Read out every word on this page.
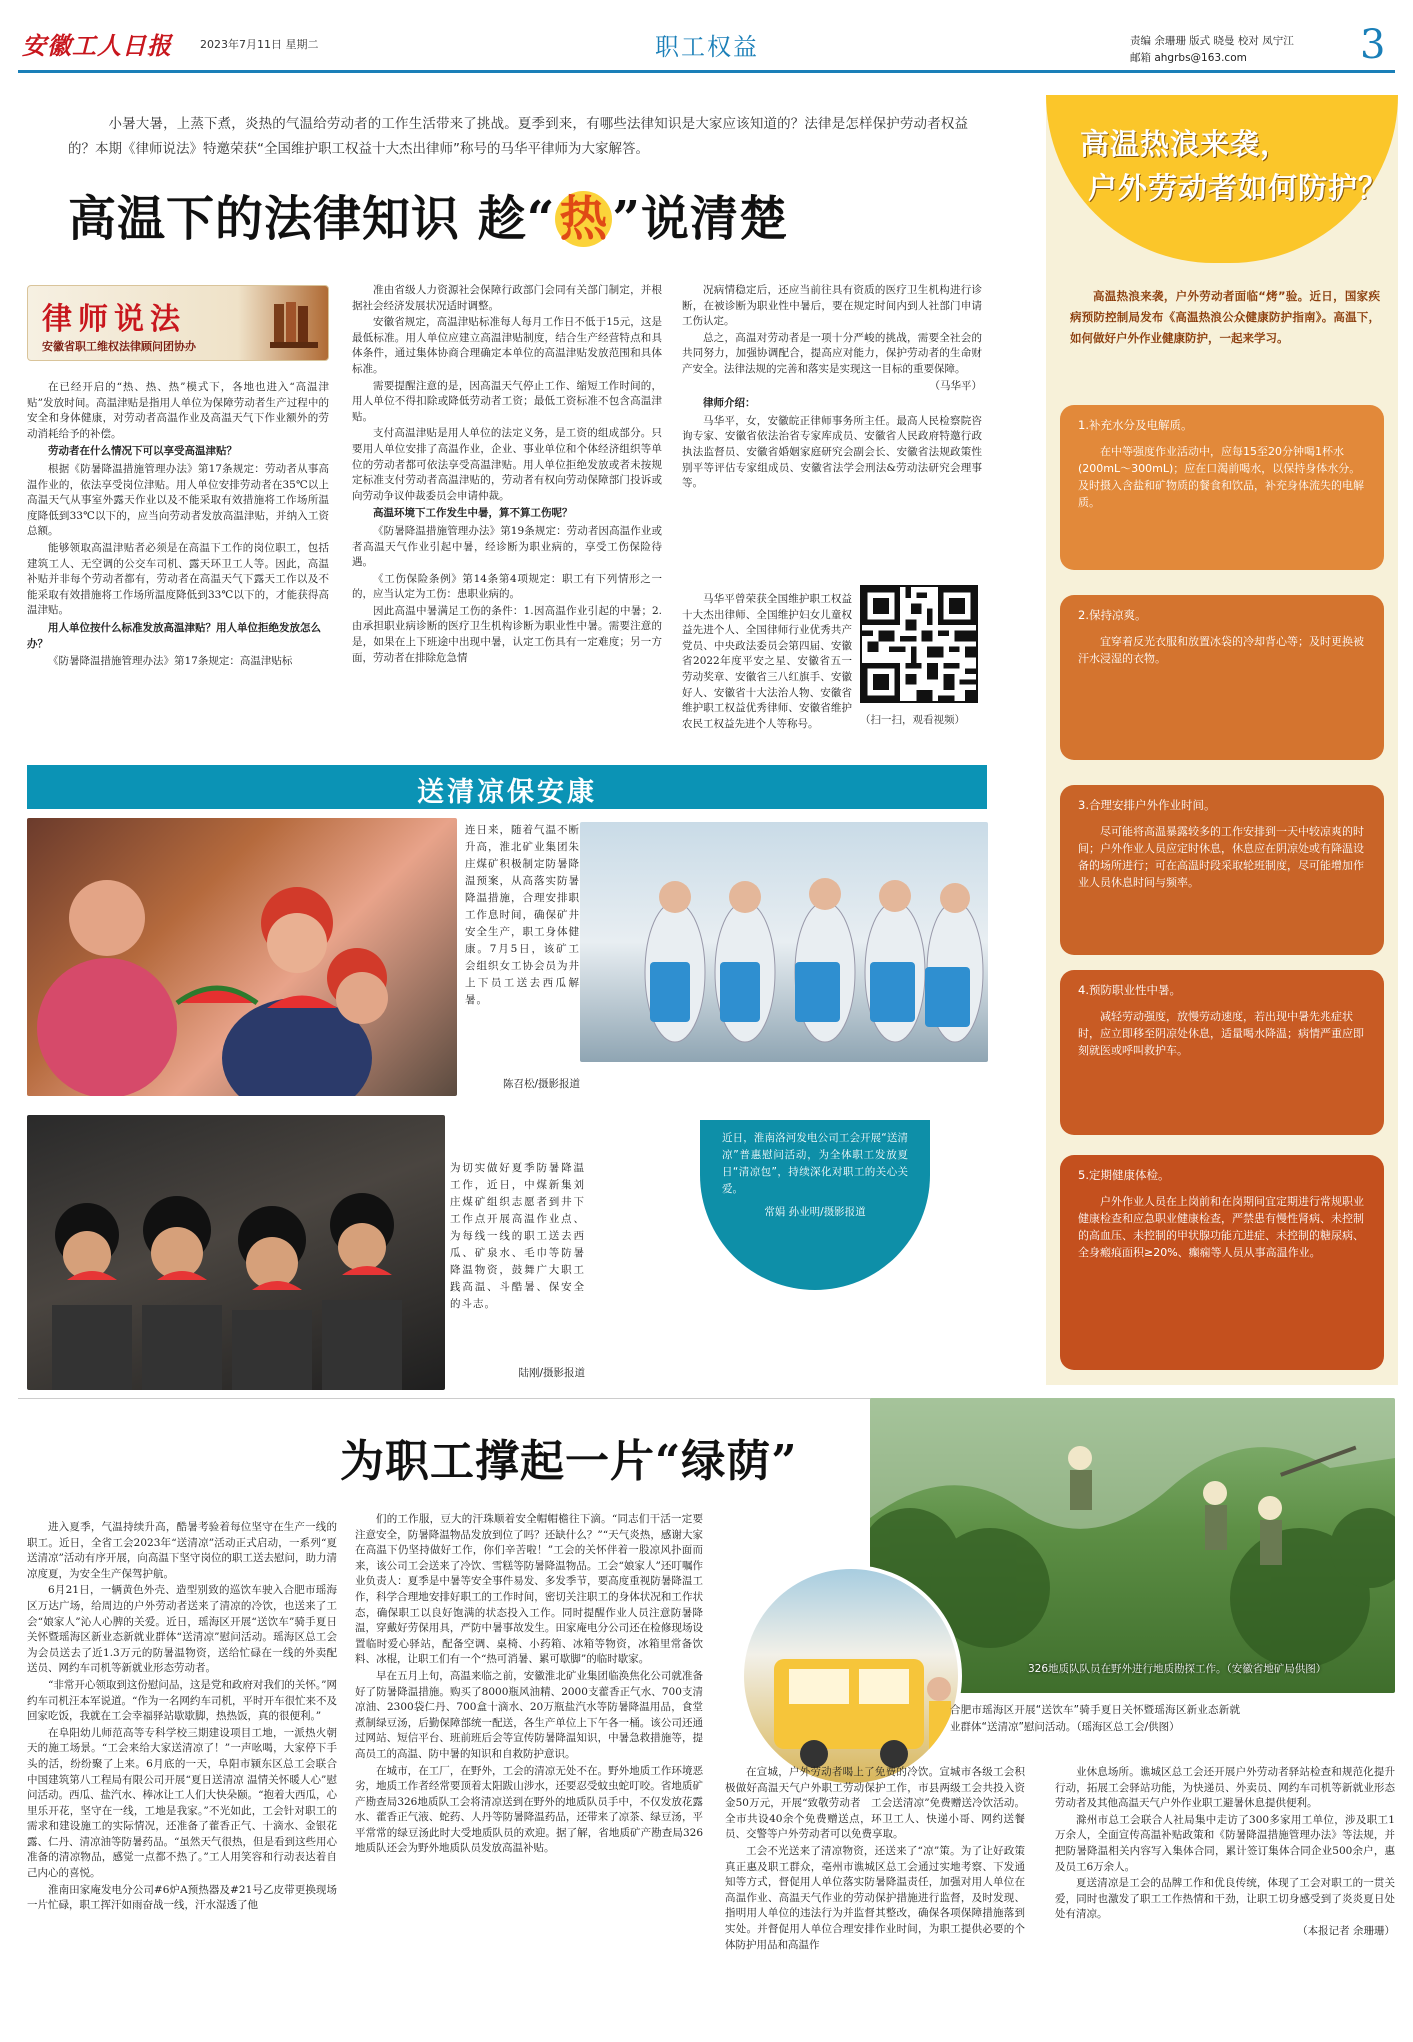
安徽工人日报	2023年7月11日 星期二	职工权益	责编 余珊珊 版式 晓曼 校对 凤宁江
邮箱 ahgrbs@163.com	3
高温热浪来袭，
户外劳动者如何防护？
高温热浪来袭，户外劳动者面临“烤”验。近日，国家疾病预防控制局发布《高温热浪公众健康防护指南》。高温下，如何做好户外作业健康防护，一起来学习。
1.补充水分及电解质。
在中等强度作业活动中，应每15至20分钟喝1杯水(200mL～300mL)；应在口渴前喝水，以保持身体水分。及时摄入含盐和矿物质的餐食和饮品，补充身体流失的电解质。
2.保持凉爽。
宜穿着反光衣服和放置冰袋的冷却背心等；及时更换被汗水浸湿的衣物。
3.合理安排户外作业时间。
尽可能将高温暴露较多的工作安排到一天中较凉爽的时间；户外作业人员应定时休息，休息应在阴凉处或有降温设备的场所进行；可在高温时段采取轮班制度，尽可能增加作业人员休息时间与频率。
4.预防职业性中暑。
减轻劳动强度，放慢劳动速度，若出现中暑先兆症状时，应立即移至阴凉处休息，适量喝水降温；病情严重应即刻就医或呼叫救护车。
5.定期健康体检。
户外作业人员在上岗前和在岗期间宜定期进行常规职业健康检查和应急职业健康检查，严禁患有慢性肾病、未控制的高血压、未控制的甲状腺功能亢进症、未控制的糖尿病、全身瘢痕面积≥20%、癫痫等人员从事高温作业。
小暑大暑，上蒸下煮，炎热的气温给劳动者的工作生活带来了挑战。夏季到来，有哪些法律知识是大家应该知道的？法律是怎样保护劳动者权益的？本期《律师说法》特邀荣获“全国维护职工权益十大杰出律师”称号的马华平律师为大家解答。
高温下的法律知识 趁“热”说清楚
律师说法
安徽省职工维权法律顾问团协办

在已经开启的“热、热、热”模式下，各地也进入“高温津贴”发放时间。高温津贴是指用人单位为保障劳动者生产过程中的安全和身体健康，对劳动者高温作业及高温天气下作业额外的劳动消耗给予的补偿。

劳动者在什么情况下可以享受高温津贴？

根据《防暑降温措施管理办法》第17条规定：劳动者从事高温作业的，依法享受岗位津贴。用人单位安排劳动者在35℃以上高温天气从事室外露天作业以及不能采取有效措施将工作场所温度降低到33℃以下的，应当向劳动者发放高温津贴，并纳入工资总额。

能够领取高温津贴者必须是在高温下工作的岗位职工，包括建筑工人、无空调的公交车司机、露天环卫工人等。因此，高温补贴并非每个劳动者都有，劳动者在高温天气下露天工作以及不能采取有效措施将工作场所温度降低到33℃以下的，才能获得高温津贴。

用人单位按什么标准发放高温津贴？用人单位拒绝发放怎么办？

《防暑降温措施管理办法》第17条规定：高温津贴标

准由省级人力资源社会保障行政部门会同有关部门制定，并根据社会经济发展状况适时调整。

安徽省规定，高温津贴标准每人每月工作日不低于15元，这是最低标准。用人单位应建立高温津贴制度，结合生产经营特点和具体条件，通过集体协商合理确定本单位的高温津贴发放范围和具体标准。

需要提醒注意的是，因高温天气停止工作、缩短工作时间的，用人单位不得扣除或降低劳动者工资；最低工资标准不包含高温津贴。

支付高温津贴是用人单位的法定义务，是工资的组成部分。只要用人单位安排了高温作业，企业、事业单位和个体经济组织等单位的劳动者都可依法享受高温津贴。用人单位拒绝发放或者未按规定标准支付劳动者高温津贴的，劳动者有权向劳动保障部门投诉或向劳动争议仲裁委员会申请仲裁。

高温环境下工作发生中暑，算不算工伤呢？

《防暑降温措施管理办法》第19条规定：劳动者因高温作业或者高温天气作业引起中暑，经诊断为职业病的，享受工伤保险待遇。

《工伤保险条例》第14条第4项规定：职工有下列情形之一的，应当认定为工伤：患职业病的。

因此高温中暑满足工伤的条件：1.因高温作业引起的中暑；2.由承担职业病诊断的医疗卫生机构诊断为职业性中暑。需要注意的是，如果在上下班途中出现中暑，认定工伤具有一定难度；另一方面，劳动者在排除危急情

况病情稳定后，还应当前往具有资质的医疗卫生机构进行诊断，在被诊断为职业性中暑后，要在规定时间内到人社部门申请工伤认定。

总之，高温对劳动者是一项十分严峻的挑战，需要全社会的共同努力，加强协调配合，提高应对能力，保护劳动者的生命财产安全。法律法规的完善和落实是实现这一目标的重要保障。

（马华平）

律师介绍：

马华平，女，安徽皖正律师事务所主任。最高人民检察院咨询专家、安徽省依法治省专家库成员、安徽省人民政府特邀行政执法监督员、安徽省婚姻家庭研究会副会长、安徽省法规政策性别平等评估专家组成员、安徽省法学会刑法&劳动法研究会理事等。

马华平曾荣获全国维护职工权益十大杰出律师、全国维护妇女儿童权益先进个人、全国律师行业优秀共产党员、中央政法委员会第四届、安徽省2022年度平安之星、安徽省五一劳动奖章、安徽省三八红旗手、安徽好人、安徽省十大法治人物、安徽省维护职工权益优秀律师、安徽省维护农民工权益先进个人等称号。	（扫一扫，观看视频）
送清凉保安康
连日来，随着气温不断升高，淮北矿业集团朱庄煤矿积极制定防暑降温预案，从高落实防暑降温措施，合理安排职工作息时间，确保矿井安全生产，职工身体健康。7月5日，该矿工会组织女工协会员为井上下员工送去西瓜解暑。
陈召松/摄影报道
近日，淮南洛河发电公司工会开展“送清凉”普惠慰问活动，为全体职工发放夏日“清凉包”，持续深化对职工的关心关爱。
常娟 孙业明/摄影报道
为切实做好夏季防暑降温工作，近日，中煤新集刘庄煤矿组织志愿者到井下工作点开展高温作业点、为每线一线的职工送去西瓜、矿泉水、毛巾等防暑降温物资，鼓舞广大职工践高温、斗酷暑、保安全的斗志。
陆刚/摄影报道
为职工撑起一片“绿荫”
326地质队队员在野外进行地质勘探工作。（安徽省地矿局供图）
合肥市瑶海区开展“送饮车”骑手夏日关怀暨瑶海区新业态新就业群体“送清凉”慰问活动。（瑶海区总工会/供图）

进入夏季，气温持续升高，酷暑考验着每位坚守在生产一线的职工。近日，全省工会2023年“送清凉”活动正式启动，一系列“夏送清凉”活动有序开展，向高温下坚守岗位的职工送去慰问，助力清凉度夏，为安全生产保驾护航。

6月21日，一辆黄色外壳、造型别致的巡饮车驶入合肥市瑶海区万达广场，给周边的户外劳动者送来了清凉的冷饮，也送来了工会“娘家人”沁人心脾的关爱。近日，瑶海区开展“送饮车”骑手夏日关怀暨瑶海区新业态新就业群体“送清凉”慰问活动。瑶海区总工会为会员送去了近1.3万元的防暑温物资，送给忙碌在一线的外卖配送员、网约车司机等新就业形态劳动者。

“非常开心领取到这份慰问品，这是党和政府对我们的关怀。”网约车司机汪本军说道。“作为一名网约车司机，平时开车很忙来不及回家吃饭，我就在工会幸福驿站歇歇脚，热热饭，真的很便利。”

在阜阳幼儿师范高等专科学校三期建设项目工地，一派热火朝天的施工场景。“工会来给大家送清凉了！”一声吆喝，大家停下手头的活，纷纷聚了上来。6月底的一天，阜阳市颍东区总工会联合中国建筑第八工程局有限公司开展“夏日送清凉 温情关怀暖人心”慰问活动。西瓜、盐汽水、棒冰让工人们大快朵颐。“抱着大西瓜，心里乐开花，坚守在一线，工地是我家。”不光如此，工会针对职工的需求和建设施工的实际情况，还准备了藿香正气、十滴水、金银花露、仁丹、清凉油等防暑药品。“虽然天气很热，但是看到这些用心准备的清凉物品，感觉一点都不热了。”工人用笑容和行动表达着自己内心的喜悦。

淮南田家庵发电分公司#6炉A预热器及#21号乙皮带更换现场一片忙碌，职工挥汗如雨奋战一线，汗水湿透了他

们的工作服，豆大的汗珠顺着安全帽帽檐往下滴。“同志们干活一定要注意安全，防暑降温物品发放到位了吗？还缺什么？”“天气炎热，感谢大家在高温下仍坚持做好工作，你们辛苦啦！”工会的关怀伴着一股凉风扑面而来，该公司工会送来了冷饮、雪糕等防暑降温物品。工会“娘家人”还叮嘱作业负责人：夏季是中暑等安全事件易发、多发季节，要高度重视防暑降温工作，科学合理地安排好职工的工作时间，密切关注职工的身体状况和工作状态，确保职工以良好饱满的状态投入工作。同时提醒作业人员注意防暑降温，穿戴好劳保用具，严防中暑事故发生。田家庵电分公司还在检修现场设置临时爱心驿站，配备空调、桌椅、小药箱、冰箱等物资，冰箱里常备饮料、冰棍，让职工们有一个“热可消暑、累可歇脚”的临时歇家。

早在五月上旬，高温来临之前，安徽淮北矿业集团临涣焦化公司就准备好了防暑降温措施。购买了8000瓶风油精、2000支藿香正气水、700支清凉油、2300袋仁丹、700盒十滴水、20万瓶盐汽水等防暑降温用品，食堂煮制绿豆汤，后勤保障部统一配送，各生产单位上下午各一桶。该公司还通过网站、短信平台、班前班后会等宣传防暑降温知识，中暑急救措施等，提高员工的高温、防中暑的知识和自救防护意识。

在城市，在工厂，在野外，工会的清凉无处不在。野外地质工作环境恶劣，地质工作者经常要顶着太阳跋山涉水，还要忍受蚊虫蛇叮咬。省地质矿产勘查局326地质队工会将清凉送到在野外的地质队员手中，不仅发放花露水、藿香正气液、蛇药、人丹等防暑降温药品，还带来了凉茶、绿豆汤，平平常常的绿豆汤此时大受地质队员的欢迎。据了解，省地质矿产勘查局326地质队还会为野外地质队员发放高温补贴。

在宣城，户外劳动者喝上了免费的冷饮。宣城市各级工会积极做好高温天气户外职工劳动保护工作，市县两级工会共投入资金50万元，开展“致敬劳动者　工会送清凉”免费赠送冷饮活动。全市共设40余个免费赠送点，环卫工人、快递小哥、网约送餐员、交警等户外劳动者可以免费享取。

工会不光送来了清凉物资，还送来了“凉”策。为了让好政策真正惠及职工群众，亳州市谯城区总工会通过实地考察、下发通知等方式，督促用人单位落实防暑降温责任，加强对用人单位在高温作业、高温天气作业的劳动保护措施进行监督，及时发现、指明用人单位的违法行为并监督其整改，确保各项保障措施落到实处。并督促用人单位合理安排作业时间，为职工提供必要的个体防护用品和高温作

业休息场所。谯城区总工会还开展户外劳动者驿站检查和规范化提升行动，拓展工会驿站功能，为快递员、外卖员、网约车司机等新就业形态劳动者及其他高温天气户外作业职工避暑休息提供便利。

滁州市总工会联合人社局集中走访了300多家用工单位，涉及职工1万余人，全面宣传高温补贴政策和《防暑降温措施管理办法》等法规，并把防暑降温相关内容写入集体合同，累计签订集体合同企业500余户，惠及员工6万余人。

夏送清凉是工会的品牌工作和优良传统，体现了工会对职工的一贯关爱，同时也激发了职工工作热情和干劲，让职工切身感受到了炎炎夏日处处有清凉。

（本报记者 余珊珊）
